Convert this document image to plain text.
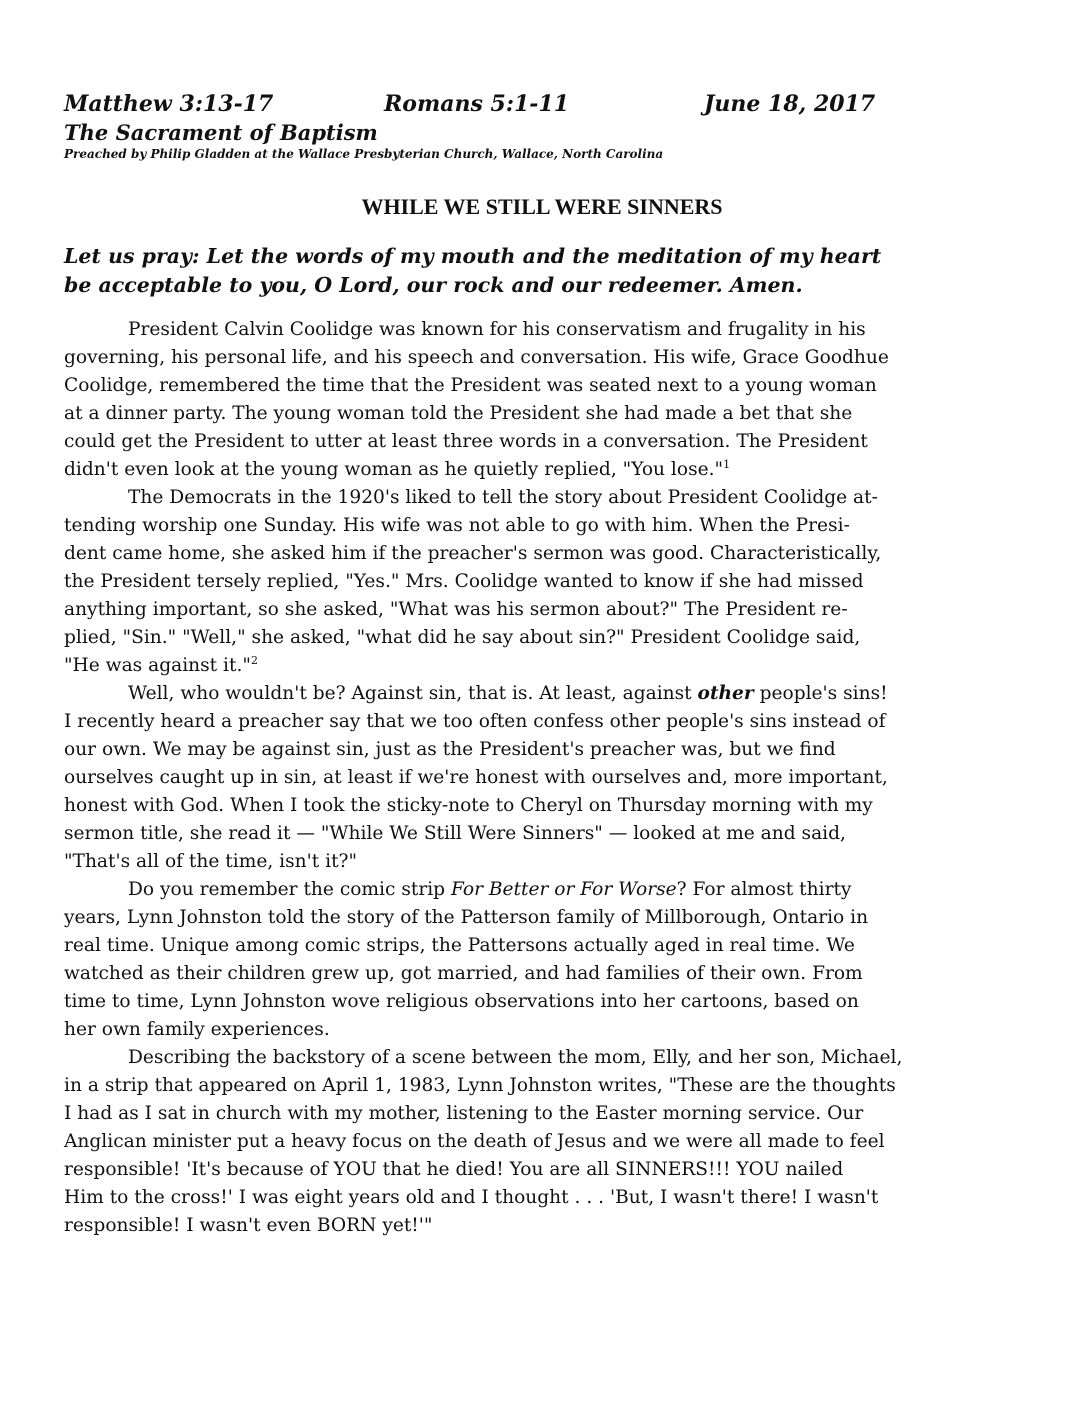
Matthew 3:13-17	Romans 5:1-11	June 18, 2017
The Sacrament of Baptism
Preached by Philip Gladden at the Wallace Presbyterian Church, Wallace, North Carolina
WHILE WE STILL WERE SINNERS
Let us pray: Let the words of my mouth and the meditation of my heart
be acceptable to you, O Lord, our rock and our redeemer. Amen.
President Calvin Coolidge was known for his conservatism and frugality in his
governing, his personal life, and his speech and conversation. His wife, Grace Goodhue
Coolidge, remembered the time that the President was seated next to a young woman
at a dinner party. The young woman told the President she had made a bet that she
could get the President to utter at least three words in a conversation. The President
didn't even look at the young woman as he quietly replied, "You lose."$^1$
The Democrats in the 1920's liked to tell the story about President Coolidge at-
tending worship one Sunday. His wife was not able to go with him. When the Presi-
dent came home, she asked him if the preacher's sermon was good. Characteristically,
the President tersely replied, "Yes." Mrs. Coolidge wanted to know if she had missed
anything important, so she asked, "What was his sermon about?" The President re-
plied, "Sin." "Well," she asked, "what did he say about sin?" President Coolidge said,
"He was against it."$^2$
Well, who wouldn't be? Against sin, that is. At least, against other people's sins!
I recently heard a preacher say that we too often confess other people's sins instead of
our own. We may be against sin, just as the President's preacher was, but we find
ourselves caught up in sin, at least if we're honest with ourselves and, more important,
honest with God. When I took the sticky-note to Cheryl on Thursday morning with my
sermon title, she read it — "While We Still Were Sinners" — looked at me and said,
"That's all of the time, isn't it?"
Do you remember the comic strip For Better or For Worse? For almost thirty
years, Lynn Johnston told the story of the Patterson family of Millborough, Ontario in
real time. Unique among comic strips, the Pattersons actually aged in real time. We
watched as their children grew up, got married, and had families of their own. From
time to time, Lynn Johnston wove religious observations into her cartoons, based on
her own family experiences.
Describing the backstory of a scene between the mom, Elly, and her son, Michael,
in a strip that appeared on April 1, 1983, Lynn Johnston writes, "These are the thoughts
I had as I sat in church with my mother, listening to the Easter morning service. Our
Anglican minister put a heavy focus on the death of Jesus and we were all made to feel
responsible! 'It's because of YOU that he died! You are all SINNERS!!! YOU nailed
Him to the cross!' I was eight years old and I thought . . . 'But, I wasn't there! I wasn't
responsible! I wasn't even BORN yet!'"
